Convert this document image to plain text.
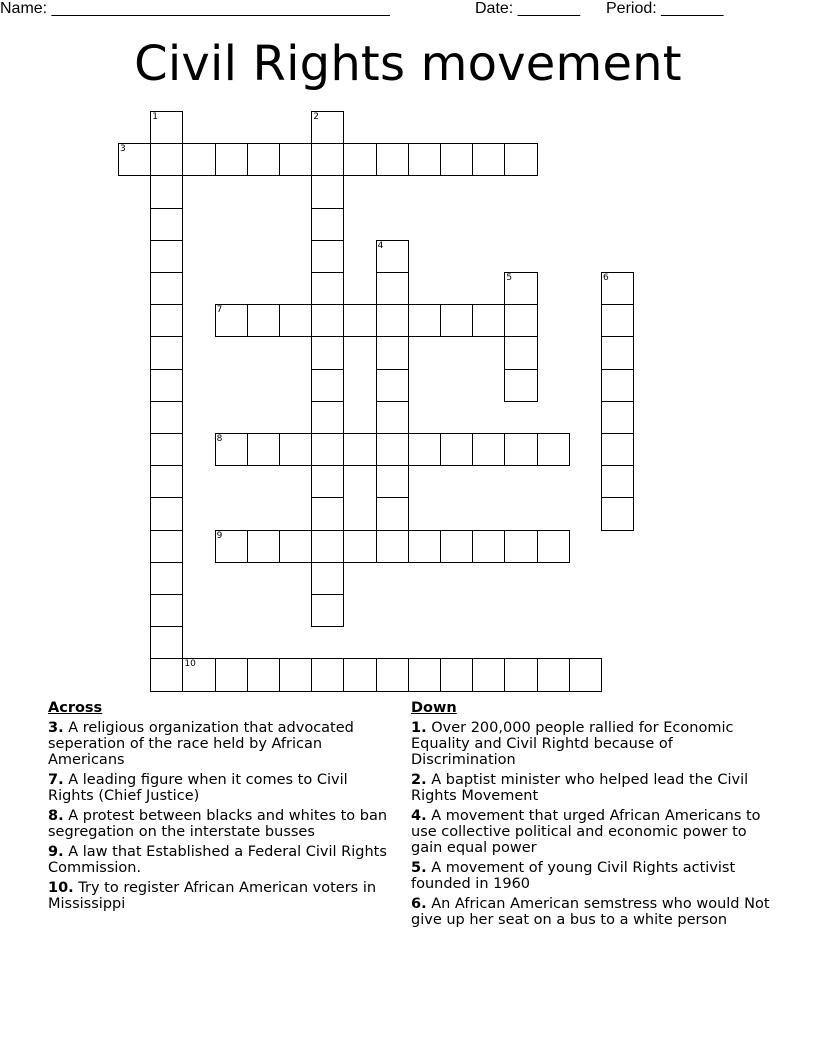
Name: ______________________________________	Date: _______ Period: _______
Civil Rights movement
1	2
3
4
5	6
7
8
9
10
Across
3. A religious organization that advocated seperation of the race held by African Americans
7. A leading figure when it comes to Civil Rights (Chief Justice)
8. A protest between blacks and whites to ban segregation on the interstate busses
9. A law that Established a Federal Civil Rights Commission.
10. Try to register African American voters in Mississippi
Down
1. Over 200,000 people rallied for Economic Equality and Civil Rightd because of Discrimination
2. A baptist minister who helped lead the Civil Rights Movement
4. A movement that urged African Americans to use collective political and economic power to gain equal power
5. A movement of young Civil Rights activist founded in 1960
6. An African American semstress who would Not give up her seat on a bus to a white person
